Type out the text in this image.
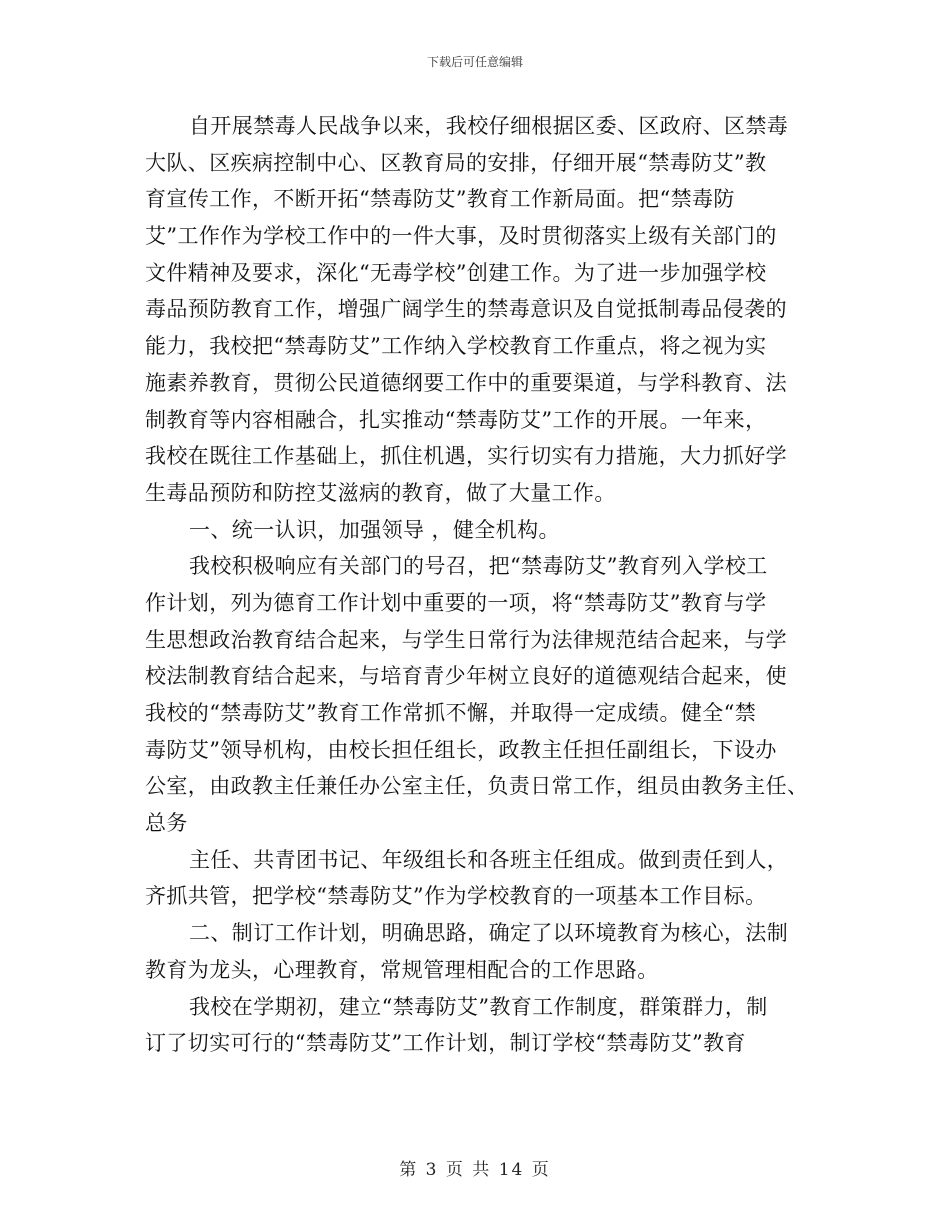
下载后可任意编辑
自开展禁毒人民战争以来，我校仔细根据区委、区政府、区禁毒
大队、区疾病控制中心、区教育局的安排，仔细开展“禁毒防艾”教
育宣传工作，不断开拓“禁毒防艾”教育工作新局面。把“禁毒防
艾”工作作为学校工作中的一件大事，及时贯彻落实上级有关部门的
文件精神及要求，深化“无毒学校”创建工作。为了进一步加强学校
毒品预防教育工作，增强广阔学生的禁毒意识及自觉抵制毒品侵袭的
能力，我校把“禁毒防艾”工作纳入学校教育工作重点，将之视为实
施素养教育，贯彻公民道德纲要工作中的重要渠道，与学科教育、法
制教育等内容相融合，扎实推动“禁毒防艾”工作的开展。一年来，
我校在既往工作基础上，抓住机遇，实行切实有力措施，大力抓好学
生毒品预防和防控艾滋病的教育，做了大量工作。
一、统一认识，加强领导 ，健全机构。
我校积极响应有关部门的号召，把“禁毒防艾”教育列入学校工
作计划，列为德育工作计划中重要的一项，将“禁毒防艾”教育与学
生思想政治教育结合起来，与学生日常行为法律规范结合起来，与学
校法制教育结合起来，与培育青少年树立良好的道德观结合起来，使
我校的“禁毒防艾”教育工作常抓不懈，并取得一定成绩。健全“禁
毒防艾”领导机构，由校长担任组长，政教主任担任副组长，下设办
公室，由政教主任兼任办公室主任，负责日常工作，组员由教务主任、
总务
主任、共青团书记、年级组长和各班主任组成。做到责任到人，
齐抓共管，把学校“禁毒防艾”作为学校教育的一项基本工作目标。
二、制订工作计划，明确思路，确定了以环境教育为核心，法制
教育为龙头，心理教育，常规管理相配合的工作思路。
我校在学期初，建立“禁毒防艾”教育工作制度，群策群力，制
订了切实可行的“禁毒防艾”工作计划，制订学校“禁毒防艾”教育
第 3 页 共 14 页
